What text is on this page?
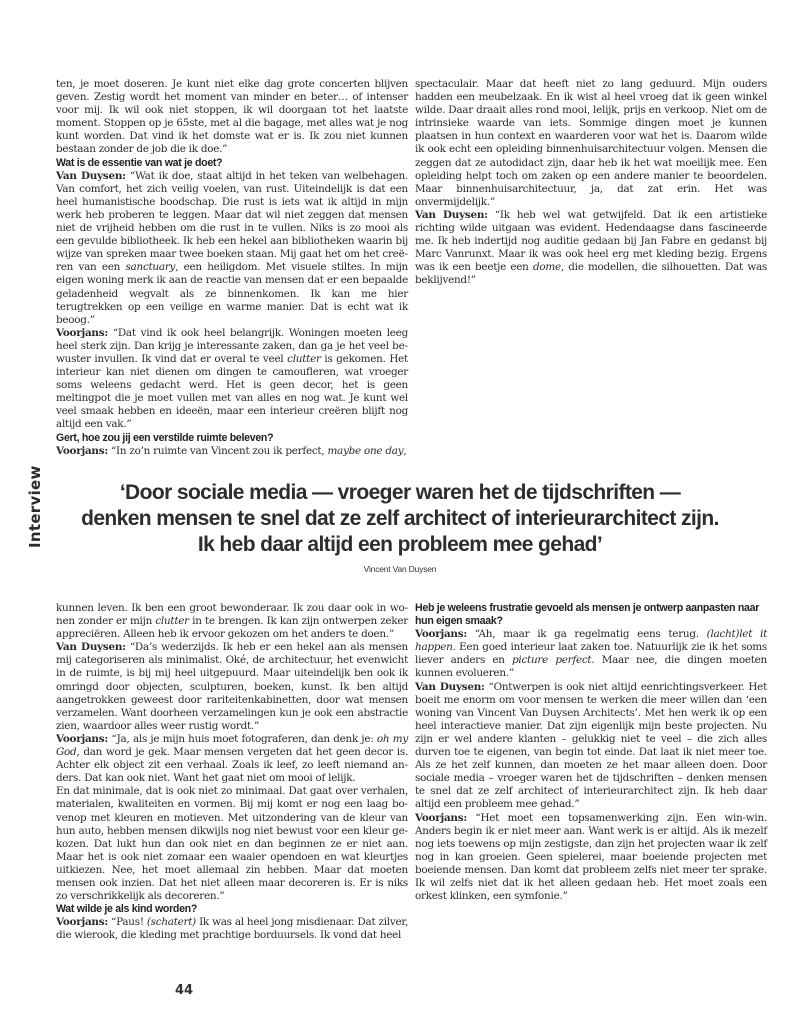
Interview

ten, je moet doseren. Je kunt niet elke dag grote concerten blijven geven. Zestig wordt het moment van minder en beter… of intenser voor mij. Ik wil ook niet stoppen, ik wil doorgaan tot het laatste moment. Stoppen op je 65ste, met al die bagage, met alles wat je nog kunt worden. Dat vind ik het domste wat er is. Ik zou niet kunnen bestaan zonder de job die ik doe.”

Wat is de essentie van wat je doet?

Van Duysen: “Wat ik doe, staat altijd in het teken van welbehagen. Van comfort, het zich veilig voelen, van rust. Uiteindelijk is dat een heel humanistische boodschap. Die rust is iets wat ik altijd in mijn werk heb proberen te leggen. Maar dat wil niet zeggen dat mensen niet de vrijheid hebben om die rust in te vullen. Niks is zo mooi als een gevulde bibliotheek. Ik heb een hekel aan bibliotheken waarin bij wijze van spreken maar twee boeken staan. Mij gaat het om het creëren van een sanctuary, een heiligdom. Met visuele stiltes. In mijn eigen woning merk ik aan de reactie van mensen dat er een bepaalde geladenheid wegvalt als ze binnenkomen. Ik kan me hier terugtrekken op een veilige en warme manier. Dat is echt wat ik beoog.”

Voorjans: “Dat vind ik ook heel belangrijk. Woningen moeten leeg heel sterk zijn. Dan krijg je interessante zaken, dan ga je het veel bewuster invullen. Ik vind dat er overal te veel clutter is gekomen. Het interieur kan niet dienen om dingen te camoufleren, wat vroeger soms weleens gedacht werd. Het is geen decor, het is geen meltingpot die je moet vullen met van alles en nog wat. Je kunt wel veel smaak hebben en ideeën, maar een interieur creëren blijft nog altijd een vak.”

Gert, hoe zou jij een verstilde ruimte beleven?

Voorjans: “In zo’n ruimte van Vincent zou ik perfect, maybe one day,

spectaculair. Maar dat heeft niet zo lang geduurd. Mijn ouders hadden een meubelzaak. En ik wist al heel vroeg dat ik geen winkel wilde. Daar draait alles rond mooi, lelijk, prijs en verkoop. Niet om de intrinsieke waarde van iets. Sommige dingen moet je kunnen plaatsen in hun context en waarderen voor wat het is. Daarom wilde ik ook echt een opleiding binnenhuisarchitectuur volgen. Mensen die zeggen dat ze autodidact zijn, daar heb ik het wat moeilijk mee. Een opleiding helpt toch om zaken op een andere manier te beoordelen. Maar binnenhuisarchitectuur, ja, dat zat erin. Het was onvermijdelijk.”

Van Duysen: “Ik heb wel wat getwijfeld. Dat ik een artistieke richting wilde uitgaan was evident. Hedendaagse dans fascineerde me. Ik heb indertijd nog auditie gedaan bij Jan Fabre en gedanst bij Marc Vanrunxt. Maar ik was ook heel erg met kleding bezig. Ergens was ik een beetje een dome, die modellen, die silhouetten. Dat was beklijvend!”

‘Door sociale media — vroeger waren het de tijdschriften —
denken mensen te snel dat ze zelf architect of interieurarchitect zijn.
Ik heb daar altijd een probleem mee gehad’
Vincent Van Duysen

kunnen leven. Ik ben een groot bewonderaar. Ik zou daar ook in wonen zonder er mijn clutter in te brengen. Ik kan zijn ontwerpen zeker appreciëren. Alleen heb ik ervoor gekozen om het anders te doen.”

Van Duysen: “Da’s wederzijds. Ik heb er een hekel aan als mensen mij categoriseren als minimalist. Oké, de architectuur, het evenwicht in de ruimte, is bij mij heel uitgepuurd. Maar uiteindelijk ben ook ik omringd door objecten, sculpturen, boeken, kunst. Ik ben altijd aangetrokken geweest door rariteitenkabinetten, door wat mensen verzamelen. Want doorheen verzamelingen kun je ook een abstractie zien, waardoor alles weer rustig wordt.”

Voorjans: “Ja, als je mijn huis moet fotograferen, dan denk je: oh my God, dan word je gek. Maar mensen vergeten dat het geen decor is. Achter elk object zit een verhaal. Zoals ik leef, zo leeft niemand anders. Dat kan ook niet. Want het gaat niet om mooi of lelijk.

En dat minimale, dat is ook niet zo minimaal. Dat gaat over verhalen, materialen, kwaliteiten en vormen. Bij mij komt er nog een laag bovenop met kleuren en motieven. Met uitzondering van de kleur van hun auto, hebben mensen dikwijls nog niet bewust voor een kleur gekozen. Dat lukt hun dan ook niet en dan beginnen ze er niet aan. Maar het is ook niet zomaar een waaier opendoen en wat kleurtjes uitkiezen. Nee, het moet allemaal zin hebben. Maar dat moeten mensen ook inzien. Dat het niet alleen maar decoreren is. Er is niks zo verschrikkelijk als decoreren.”

Wat wilde je als kind worden?

Voorjans: “Paus! (schatert) Ik was al heel jong misdienaar. Dat zilver, die wierook, die kleding met prachtige borduursels. Ik vond dat heel

Heb je weleens frustratie gevoeld als mensen je ontwerp aanpasten naar hun eigen smaak?

Voorjans: “Ah, maar ik ga regelmatig eens terug. (lacht)let it happen. Een goed interieur laat zaken toe. Natuurlijk zie ik het soms liever anders en picture perfect. Maar nee, die dingen moeten kunnen evolueren.”

Van Duysen: “Ontwerpen is ook niet altijd eenrichtingsverkeer. Het boeit me enorm om voor mensen te werken die meer willen dan ‘een woning van Vincent Van Duysen Architects’. Met hen werk ik op een heel interactieve manier. Dat zijn eigenlijk mijn beste projecten. Nu zijn er wel andere klanten – gelukkig niet te veel – die zich alles durven toe te eigenen, van begin tot einde. Dat laat ik niet meer toe. Als ze het zelf kunnen, dan moeten ze het maar alleen doen. Door sociale media – vroeger waren het de tijdschriften – denken mensen te snel dat ze zelf architect of interieurarchitect zijn. Ik heb daar altijd een probleem mee gehad.”

Voorjans: “Het moet een topsamenwerking zijn. Een win-win. Anders begin ik er niet meer aan. Want werk is er altijd. Als ik mezelf nog iets toewens op mijn zestigste, dan zijn het projecten waar ik zelf nog in kan groeien. Geen spielerei, maar boeiende projecten met boeiende mensen. Dan komt dat probleem zelfs niet meer ter sprake. Ik wil zelfs niet dat ik het alleen gedaan heb. Het moet zoals een orkest klinken, een symfonie.”

44
